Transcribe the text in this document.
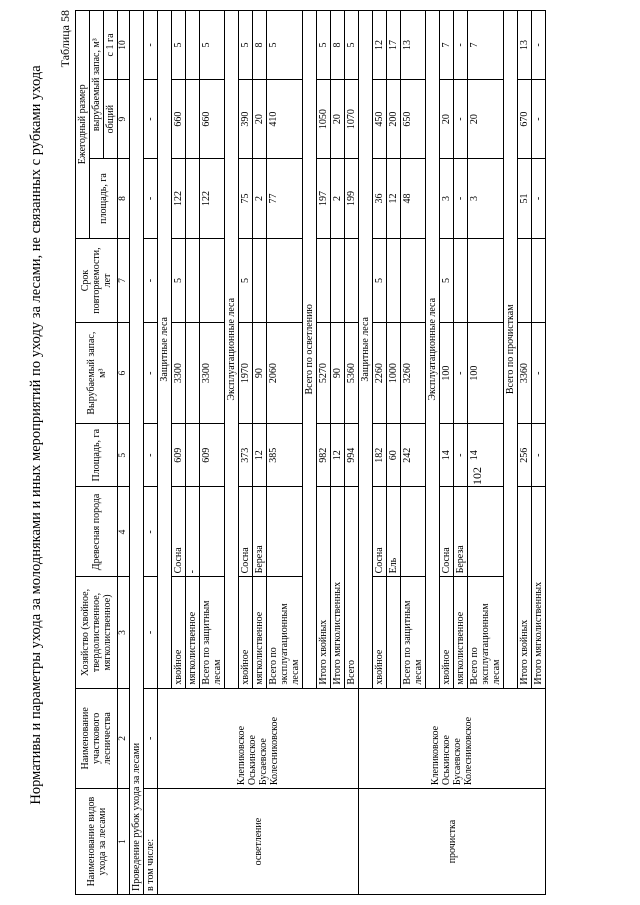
Нормативы и параметры ухода за молодняками и иных мероприятий по уходу за лесами, не связанных с рубками ухода
Таблица 58
Наименование видов ухода за лесами	Наименование участкового лесничества	Хозяйство (хвойное, твердолиственное, мягколиственное)	Древесная порода	Площадь, га	Вырубаемый запас, м³	Срок повторяемости, лет	Ежегодный размер		
							площадь, га	вырубаемый запас, м³	
								общий	с 1 га
1	2	3	4	5	6	7	8	9	10
Проведение рубок ухода за лесами									
в том числе:	-	-	-	-	-	-	-	-	-
осветление	Клепиковское Оськинское Бусаевское Колесниковское	Защитные леса							
		хвойное	Сосна	609	3300	5	122	660	5
		мягколиственное	-						
		Всего по защитным лесам		609	3300		122	660	5
		Эксплуатационные леса							
		хвойное	Сосна	373	1970	5	75	390	5
		мягколиственное	Береза	12	90		2	20	8
		Всего по эксплуатационным лесам		385	2060		77	410	5
		Всего по осветлению							
		Итого хвойных		982	5270		197	1050	5
		Итого мягколиственных		12	90		2	20	8
		Всего		994	5360		199	1070	5
прочистка	Клепиковское Оськинское Бусаевское Колесниковское	Защитные леса							
		хвойное	Сосна	182	2260	5	36	450	12
			Ель	60	1000		12	200	17
		Всего по защитным лесам		242	3260		48	650	13
		Эксплуатационные леса							
		хвойное	Сосна	14	100	5	3	20	7
		мягколиственное	Береза	-	-		-	-	-
		Всего по эксплуатационным лесам		14	100		3	20	7
		Всего по прочисткам							
		Итого хвойных		256	3360		51	670	13
		Итого мягколиственных		-	-		-	-	-
102
